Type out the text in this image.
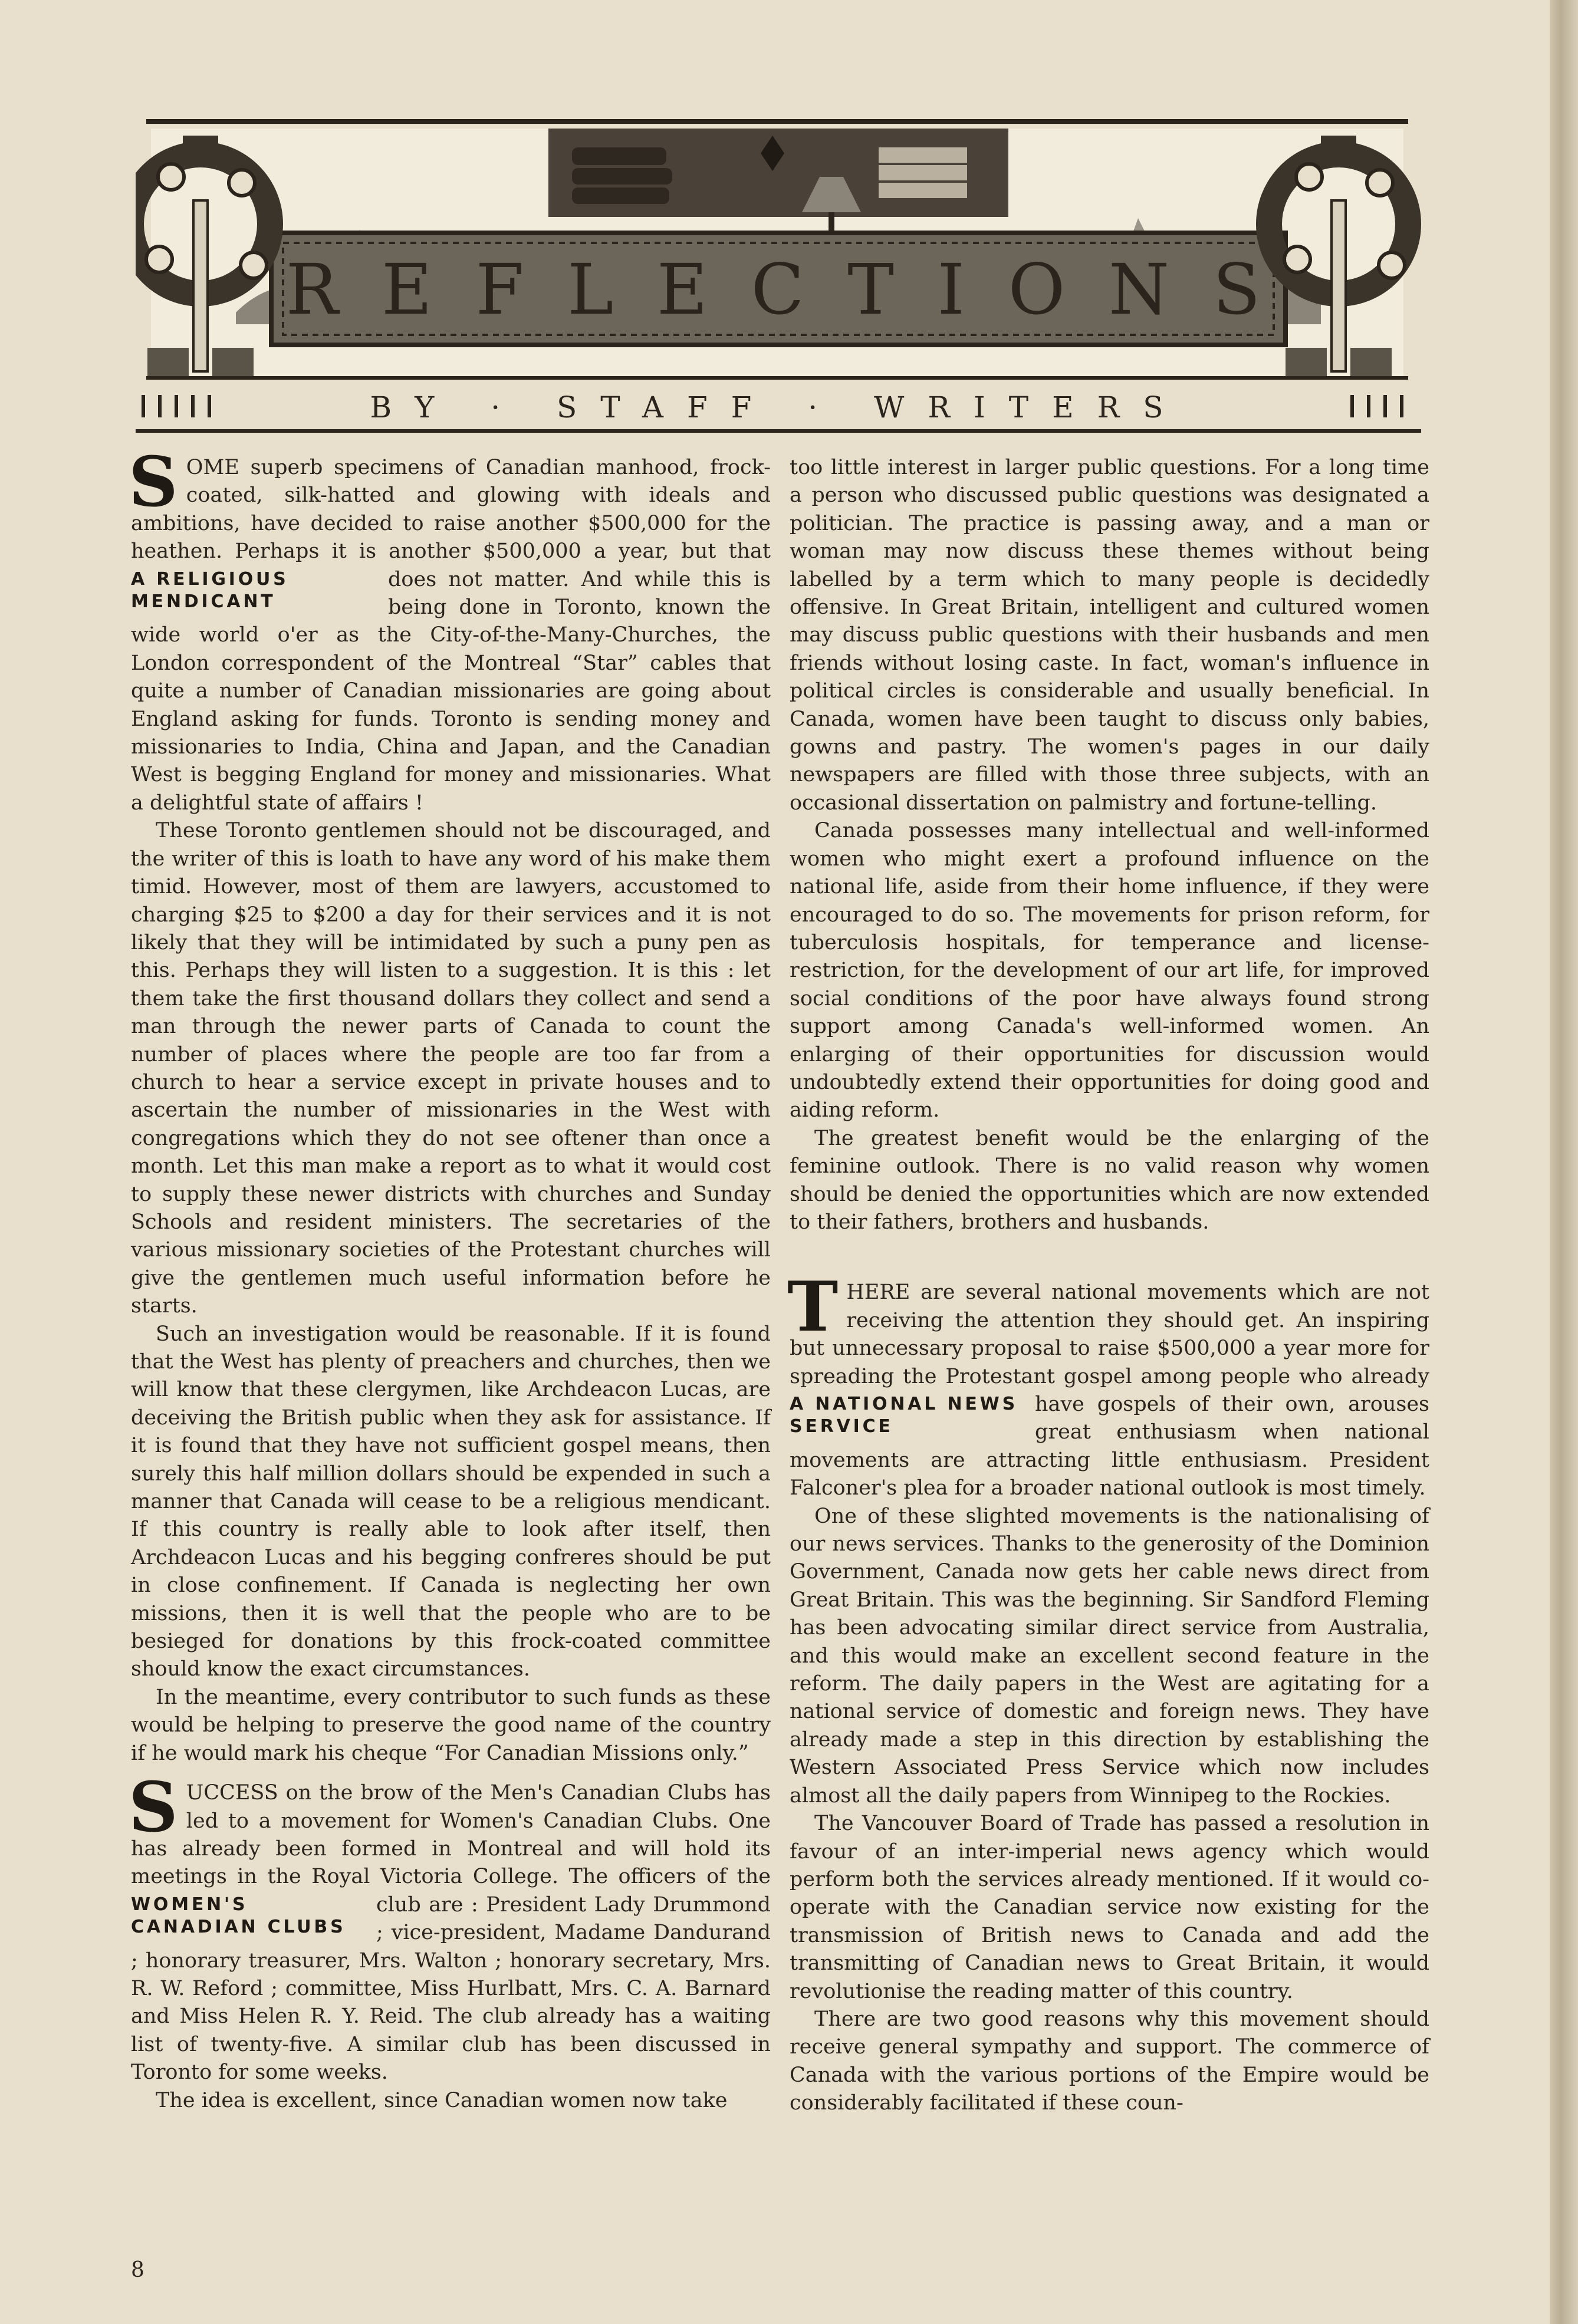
R E F L E C T I O N S
BY · STAFF · WRITERS

SOME superb specimens of Canadian manhood, frock-coated, silk-hatted and glowing with ideals and ambitions, have decided to raise another $500,000 for the heathen. Perhaps it is another $500,000 a year, but that does not matter.
A RELIGIOUS MENDICANT
And while this is being done in Toronto, known the wide world o'er as the City-of-the-Many-Churches, the London correspondent of the Montreal “Star” cables that quite a number of Canadian missionaries are going about England asking for funds. Toronto is sending money and missionaries to India, China and Japan, and the Canadian West is begging England for money and missionaries. What a delightful state of affairs !

These Toronto gentlemen should not be discouraged, and the writer of this is loath to have any word of his make them timid. However, most of them are lawyers, accustomed to charging $25 to $200 a day for their services and it is not likely that they will be intimidated by such a puny pen as this. Perhaps they will listen to a suggestion. It is this : let them take the first thousand dollars they collect and send a man through the newer parts of Canada to count the number of places where the people are too far from a church to hear a service except in private houses and to ascertain the number of missionaries in the West with congregations which they do not see oftener than once a month. Let this man make a report as to what it would cost to supply these newer districts with churches and Sunday Schools and resident ministers. The secretaries of the various missionary societies of the Protestant churches will give the gentlemen much useful information before he starts.

Such an investigation would be reasonable. If it is found that the West has plenty of preachers and churches, then we will know that these clergymen, like Archdeacon Lucas, are deceiving the British public when they ask for assistance. If it is found that they have not sufficient gospel means, then surely this half million dollars should be expended in such a manner that Canada will cease to be a religious mendicant. If this country is really able to look after itself, then Archdeacon Lucas and his begging confreres should be put in close confinement. If Canada is neglecting her own missions, then it is well that the people who are to be besieged for donations by this frock-coated committee should know the exact circumstances.

In the meantime, every contributor to such funds as these would be helping to preserve the good name of the country if he would mark his cheque “For Canadian Missions only.”

SUCCESS on the brow of the Men's Canadian Clubs has led to a movement for Women's Canadian Clubs. One has already been formed in Montreal and will hold its meetings in the Royal Victoria College. The
WOMEN'S CANADIAN CLUBS
officers of the club are : President Lady Drummond ; vice-president, Madame Dandurand ; honorary treasurer, Mrs. Walton ; honorary secretary, Mrs. R. W. Reford ; committee, Miss Hurlbatt, Mrs. C. A. Barnard and Miss Helen R. Y. Reid. The club already has a waiting list of twenty-five. A similar club has been discussed in Toronto for some weeks.

The idea is excellent, since Canadian women now take

too little interest in larger public questions. For a long time a person who discussed public questions was designated a politician. The practice is passing away, and a man or woman may now discuss these themes without being labelled by a term which to many people is decidedly offensive. In Great Britain, intelligent and cultured women may discuss public questions with their husbands and men friends without losing caste. In fact, woman's influence in political circles is considerable and usually beneficial. In Canada, women have been taught to discuss only babies, gowns and pastry. The women's pages in our daily newspapers are filled with those three subjects, with an occasional dissertation on palmistry and fortune-telling.

Canada possesses many intellectual and well-informed women who might exert a profound influence on the national life, aside from their home influence, if they were encouraged to do so. The movements for prison reform, for tuberculosis hospitals, for temperance and license-restriction, for the development of our art life, for improved social conditions of the poor have always found strong support among Canada's well-informed women. An enlarging of their opportunities for discussion would undoubtedly extend their opportunities for doing good and aiding reform.

The greatest benefit would be the enlarging of the feminine outlook. There is no valid reason why women should be denied the opportunities which are now extended to their fathers, brothers and husbands.

THERE are several national movements which are not receiving the attention they should get. An inspiring but unnecessary proposal to raise $500,000 a year more for spreading the Protestant gospel among
A NATIONAL NEWS SERVICE
people who already have gospels of their own, arouses great enthusiasm when national movements are attracting little enthusiasm. President Falconer's plea for a broader national outlook is most timely.

One of these slighted movements is the nationalising of our news services. Thanks to the generosity of the Dominion Government, Canada now gets her cable news direct from Great Britain. This was the beginning. Sir Sandford Fleming has been advocating similar direct service from Australia, and this would make an excellent second feature in the reform. The daily papers in the West are agitating for a national service of domestic and foreign news. They have already made a step in this direction by establishing the Western Associated Press Service which now includes almost all the daily papers from Winnipeg to the Rockies.

The Vancouver Board of Trade has passed a resolution in favour of an inter-imperial news agency which would perform both the services already mentioned. If it would co-operate with the Canadian service now existing for the transmission of British news to Canada and add the transmitting of Canadian news to Great Britain, it would revolutionise the reading matter of this country.

There are two good reasons why this movement should receive general sympathy and support. The commerce of Canada with the various portions of the Empire would be considerably facilitated if these coun-

8
